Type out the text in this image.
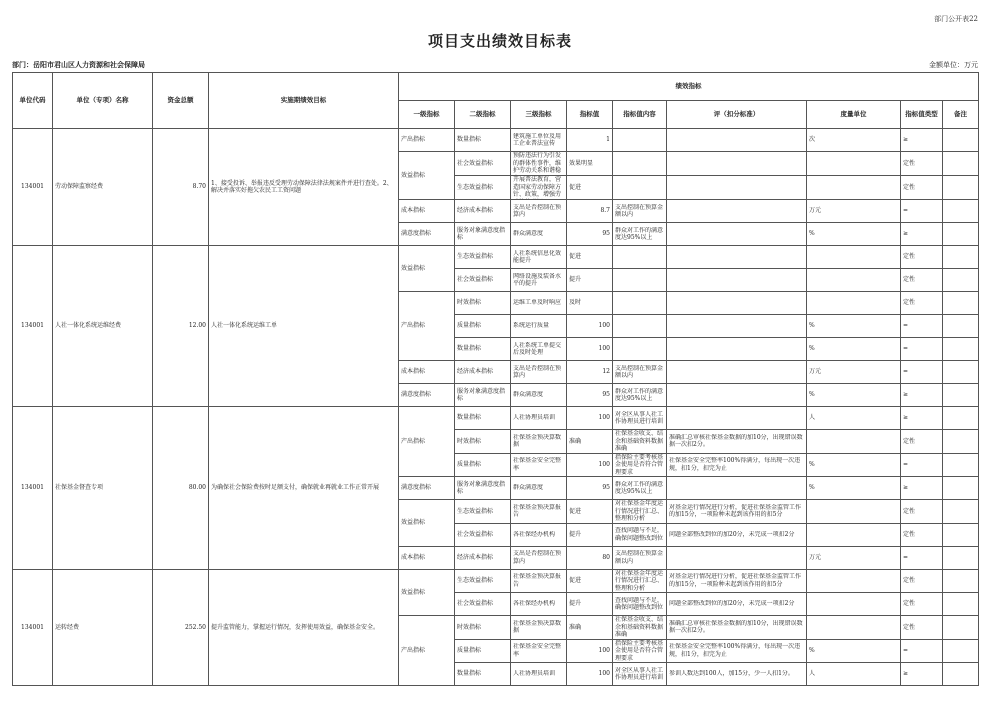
部门公开表22
项目支出绩效目标表
部门：岳阳市君山区人力资源和社会保障局	金额单位：万元
单位代码	单位（专项）名称	资金总额	实施期绩效目标	绩效指标								
				一级指标	二级指标	三级指标	指标值	指标值内容	评（扣分标准）	度量单位	指标值类型	备注
134001	劳动保障监察经费	8.70	1、接受投诉、举报违反受理劳动保障法律法规案件并进行查处。2、解决并落实好拖欠农民工工资问题	产出指标	数量指标	建筑施工单位及用工企业普法宣传	1			次	≥	
				效益指标	社会效益指标	预防违法行为引发的群体性事件，维护劳动关系和谐稳	效果明显				定性	
					生态效益指标	开展普法教育，营造国家劳动保障方针、政策，增强劳	促进				定性	
				成本指标	经济成本指标	支出是否控制在预算内	8.7	支出控制在预算金额以内		万元	=	
				满意度指标	服务对象满意度指标	群众满意度	95	群众对工作的满意度达95%以上		%	≥	
134001	人社一体化系统运维经费	12.00	人社一体化系统运维工单	效益指标	生态效益指标	人社系统信息化效能提升	促进				定性	
					社会效益指标	网络设施及装备水平的提升	提升				定性	
				产出指标	时效指标	运维工单及时响应	及时				定性	
					质量指标	系统运行质量	100			%	=	
					数量指标	人社系统工单提交后及时处理	100			%	=	
				成本指标	经济成本指标	支出是否控制在预算内	12	支出控制在预算金额以内		万元	=	
				满意度指标	服务对象满意度指标	群众满意度	95	群众对工作的满意度达95%以上		%	≥	
134001	社保基金督查专项	80.00	为确保社会保险费按时足额支付，确保就业再就业工作正常开展	产出指标	数量指标	人社协理员培训	100	对全区从事人社工作协理员进行培训		人	≥	
					时效指标	社保基金预决算数据	准确	社保基金收支、结余和基础资料数据准确	准确汇总审核社保基金数据的加10分，出现错误数据一次扣2分。		定性	
					质量指标	社保基金安全完整率	100	指保险主要考核基金使用是否符合管理要求	社保基金安全完整率100%得满分，每出现一次违规，扣1分，扣完为止	%	=	
				满意度指标	服务对象满意度指标	群众满意度	95	群众对工作的满意度达95%以上		%	≥	
				效益指标	生态效益指标	社保基金预决算报告	促进	对社保基金年度运行情况进行汇总、整理和分析	对基金运行情况进行分析，促进社保基金监管工作的加15分，一项险种未起到该作用的扣5分		定性	
					社会效益指标	各社保经办机构	提升	查找问题与不足，确保问题整改到位	问题全部整改到位的加20分，未完成一项扣2分		定性	
				成本指标	经济成本指标	支出是否控制在预算内	80	支出控制在预算金额以内		万元	=	
134001	运转经费	252.50	提升监管能力，掌握运行情况，发挥使用效益，确保基金安全。	效益指标	生态效益指标	社保基金预决算报告	促进	对社保基金年度运行情况进行汇总、整理和分析	对基金运行情况进行分析，促进社保基金监管工作的加15分，一项险种未起到该作用的扣5分		定性	
					社会效益指标	各社保经办机构	提升	查找问题与不足，确保问题整改到位	问题全部整改到位的加20分，未完成一项扣2分		定性	
				产出指标	时效指标	社保基金预决算数据	准确	社保基金收支、结余和基础资料数据准确	准确汇总审核社保基金数据的加10分，出现错误数据一次扣2分。		定性	
					质量指标	社保基金安全完整率	100	指保险主要考核基金使用是否符合管理要求	社保基金安全完整率100%得满分，每出现一次违规，扣1分，扣完为止	%	=	
					数量指标	人社协理员培训	100	对全区从事人社工作协理员进行培训	参训人数达到100人，加15分，少一人扣1分。	人	≥	
